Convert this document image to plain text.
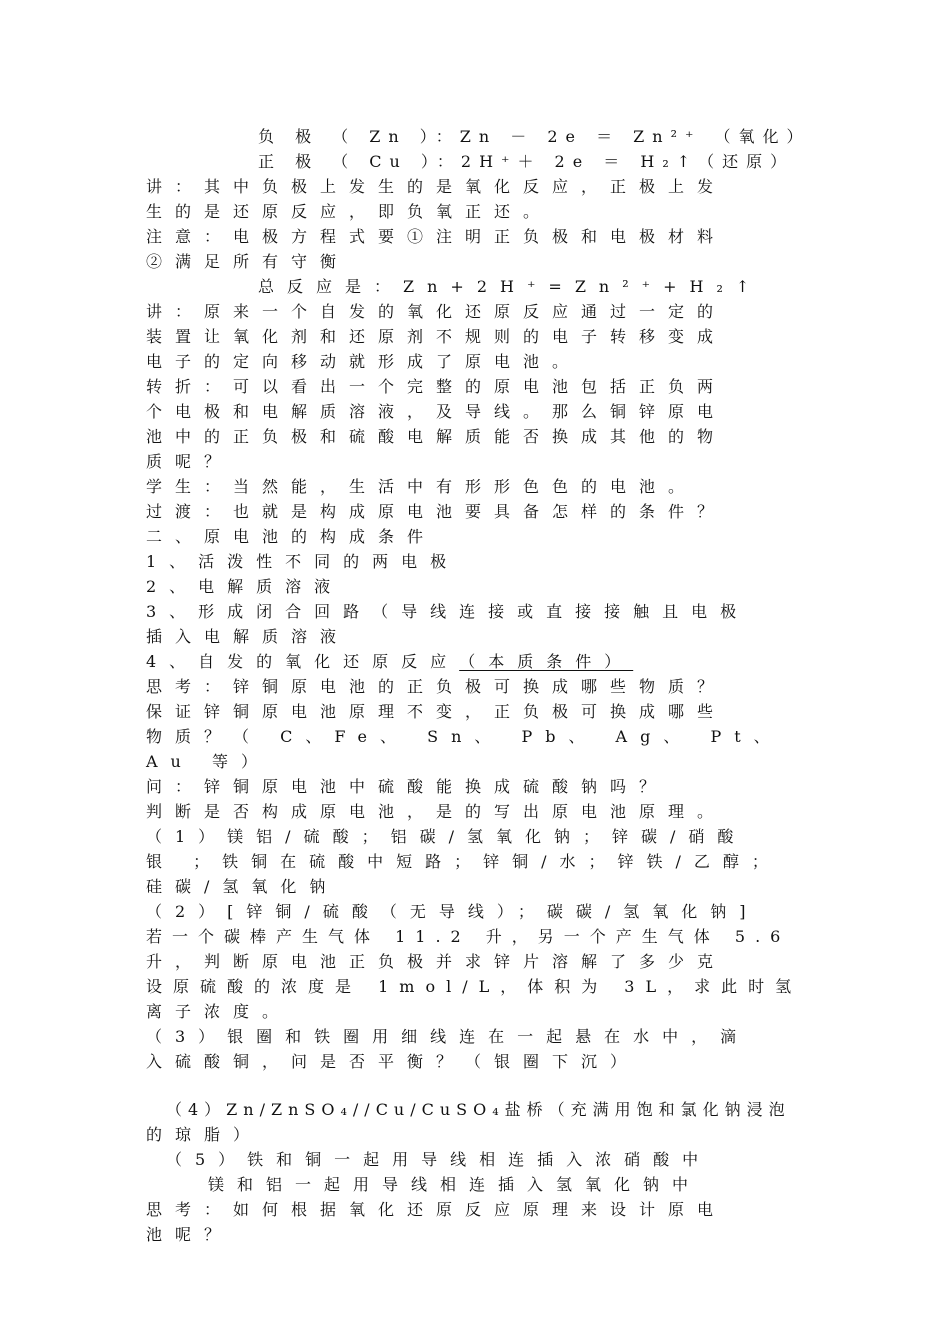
负 极 （ Zn ）：Zn － 2e ＝ Zn²⁺ （氧化）
正 极 （ Cu ）：2H⁺＋ 2e ＝ H₂↑（还原）
讲：其中负极上发生的是氧化反应，正极上发
生的是还原反应，即负氧正还。
注意：电极方程式要①注明正负极和电极材料
②满足所有守衡
总反应是：Zn+2H⁺=Zn²⁺+H₂↑
讲：原来一个自发的氧化还原反应通过一定的
装置让氧化剂和还原剂不规则的电子转移变成
电子的定向移动就形成了原电池。
转折：可以看出一个完整的原电池包括正负两
个电极和电解质溶液，及导线。那么铜锌原电
池中的正负极和硫酸电解质能否换成其他的物
质呢？
学生：当然能，生活中有形形色色的电池。
过渡：也就是构成原电池要具备怎样的条件？
二、原电池的构成条件
1、活泼性不同的两电极
2、电解质溶液
3、形成闭合回路（导线连接或直接接触且电极
插入电解质溶液
4、自发的氧化还原反应（本质条件）
思考：锌铜原电池的正负极可换成哪些物质？
保证锌铜原电池原理不变，正负极可换成哪些
物质？（ C、Fe、 Sn、 Pb、 Ag、 Pt、
Au 等）
问：锌铜原电池中硫酸能换成硫酸钠吗？
判断是否构成原电池，是的写出原电池原理。
（1）镁铝/硫酸；铝碳/氢氧化钠；锌碳/硝酸
银 ；铁铜在硫酸中短路；锌铜/水；锌铁/乙醇；
硅碳/氢氧化钠
（2）[锌铜/硫酸（无导线）；碳碳/氢氧化钠]
若一个碳棒产生气体 11.2 升，另一个产生气体 5.6
升，判断原电池正负极并求锌片溶解了多少克
设原硫酸的浓度是 1mol/L，体积为 3L，求此时氢
离子浓度。
（3）银圈和铁圈用细线连在一起悬在水中，滴
入硫酸铜，问是否平衡？（银圈下沉）
（4）Zn/ZnSO₄//Cu/CuSO₄盐桥（充满用饱和氯化钠浸泡
的琼脂）
（5）铁和铜一起用导线相连插入浓硝酸中
镁和铝一起用导线相连插入氢氧化钠中
思考：如何根据氧化还原反应原理来设计原电
池呢？
